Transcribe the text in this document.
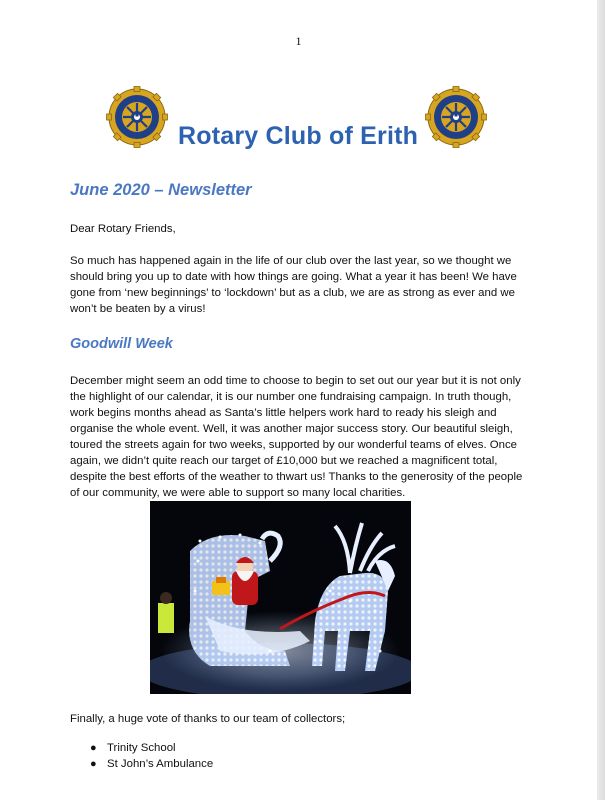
1
Rotary Club of Erith
June 2020 – Newsletter

Dear Rotary Friends,

So much has happened again in the life of our club over the last year, so we thought we should bring you up to date with how things are going. What a year it has been! We have gone from ‘new beginnings’ to ‘lockdown’ but as a club, we are as strong as ever and we won’t be beaten by a virus!

Goodwill Week

December might seem an odd time to choose to begin to set out our year but it is not only the highlight of our calendar, it is our number one fundraising campaign. In truth though, work begins months ahead as Santa’s little helpers work hard to ready his sleigh and organise the whole event. Well, it was another major success story. Our beautiful sleigh, toured the streets again for two weeks, supported by our wonderful teams of elves. Once again, we didn’t quite reach our target of £10,000 but we reached a magnificent total, despite the best efforts of the weather to thwart us! Thanks to the generosity of the people of our community, we were able to support so many local charities.

Finally, a huge vote of thanks to our team of collectors;

● Trinity School
● St John’s Ambulance
